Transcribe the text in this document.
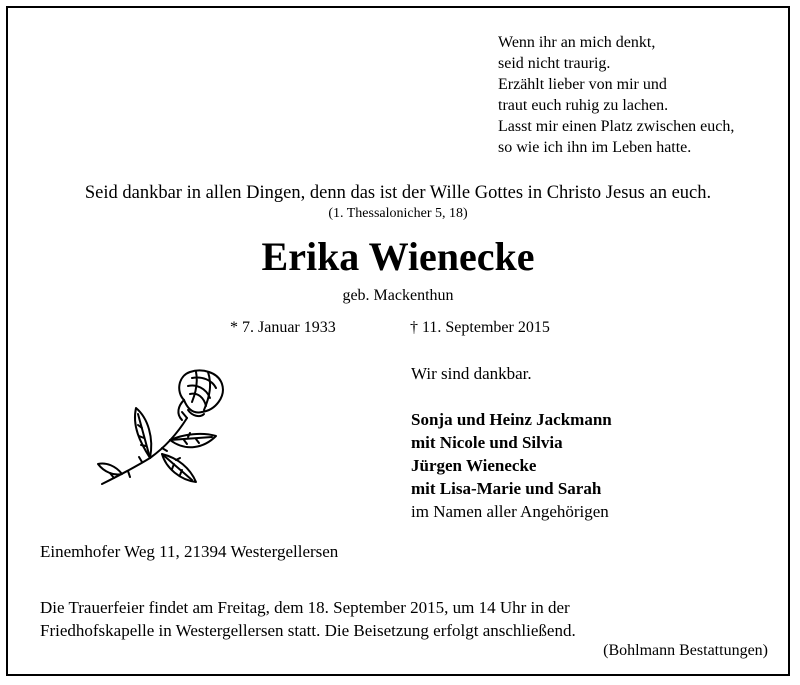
Wenn ihr an mich denkt,
seid nicht traurig.
Erzählt lieber von mir und
traut euch ruhig zu lachen.
Lasst mir einen Platz zwischen euch,
so wie ich ihn im Leben hatte.
Seid dankbar in allen Dingen, denn das ist der Wille Gottes in Christo Jesus an euch.
(1. Thessalonicher 5, 18)
Erika Wienecke
geb. Mackenthun
* 7. Januar 1933	† 11. September 2015
Wir sind dankbar.
Sonja und Heinz Jackmann
mit Nicole und Silvia
Jürgen Wienecke
mit Lisa-Marie und Sarah
im Namen aller Angehörigen
Einemhofer Weg 11, 21394 Westergellersen
Die Trauerfeier findet am Freitag, dem 18. September 2015, um 14 Uhr in der
Friedhofskapelle in Westergellersen statt. Die Beisetzung erfolgt anschließend.
(Bohlmann Bestattungen)
